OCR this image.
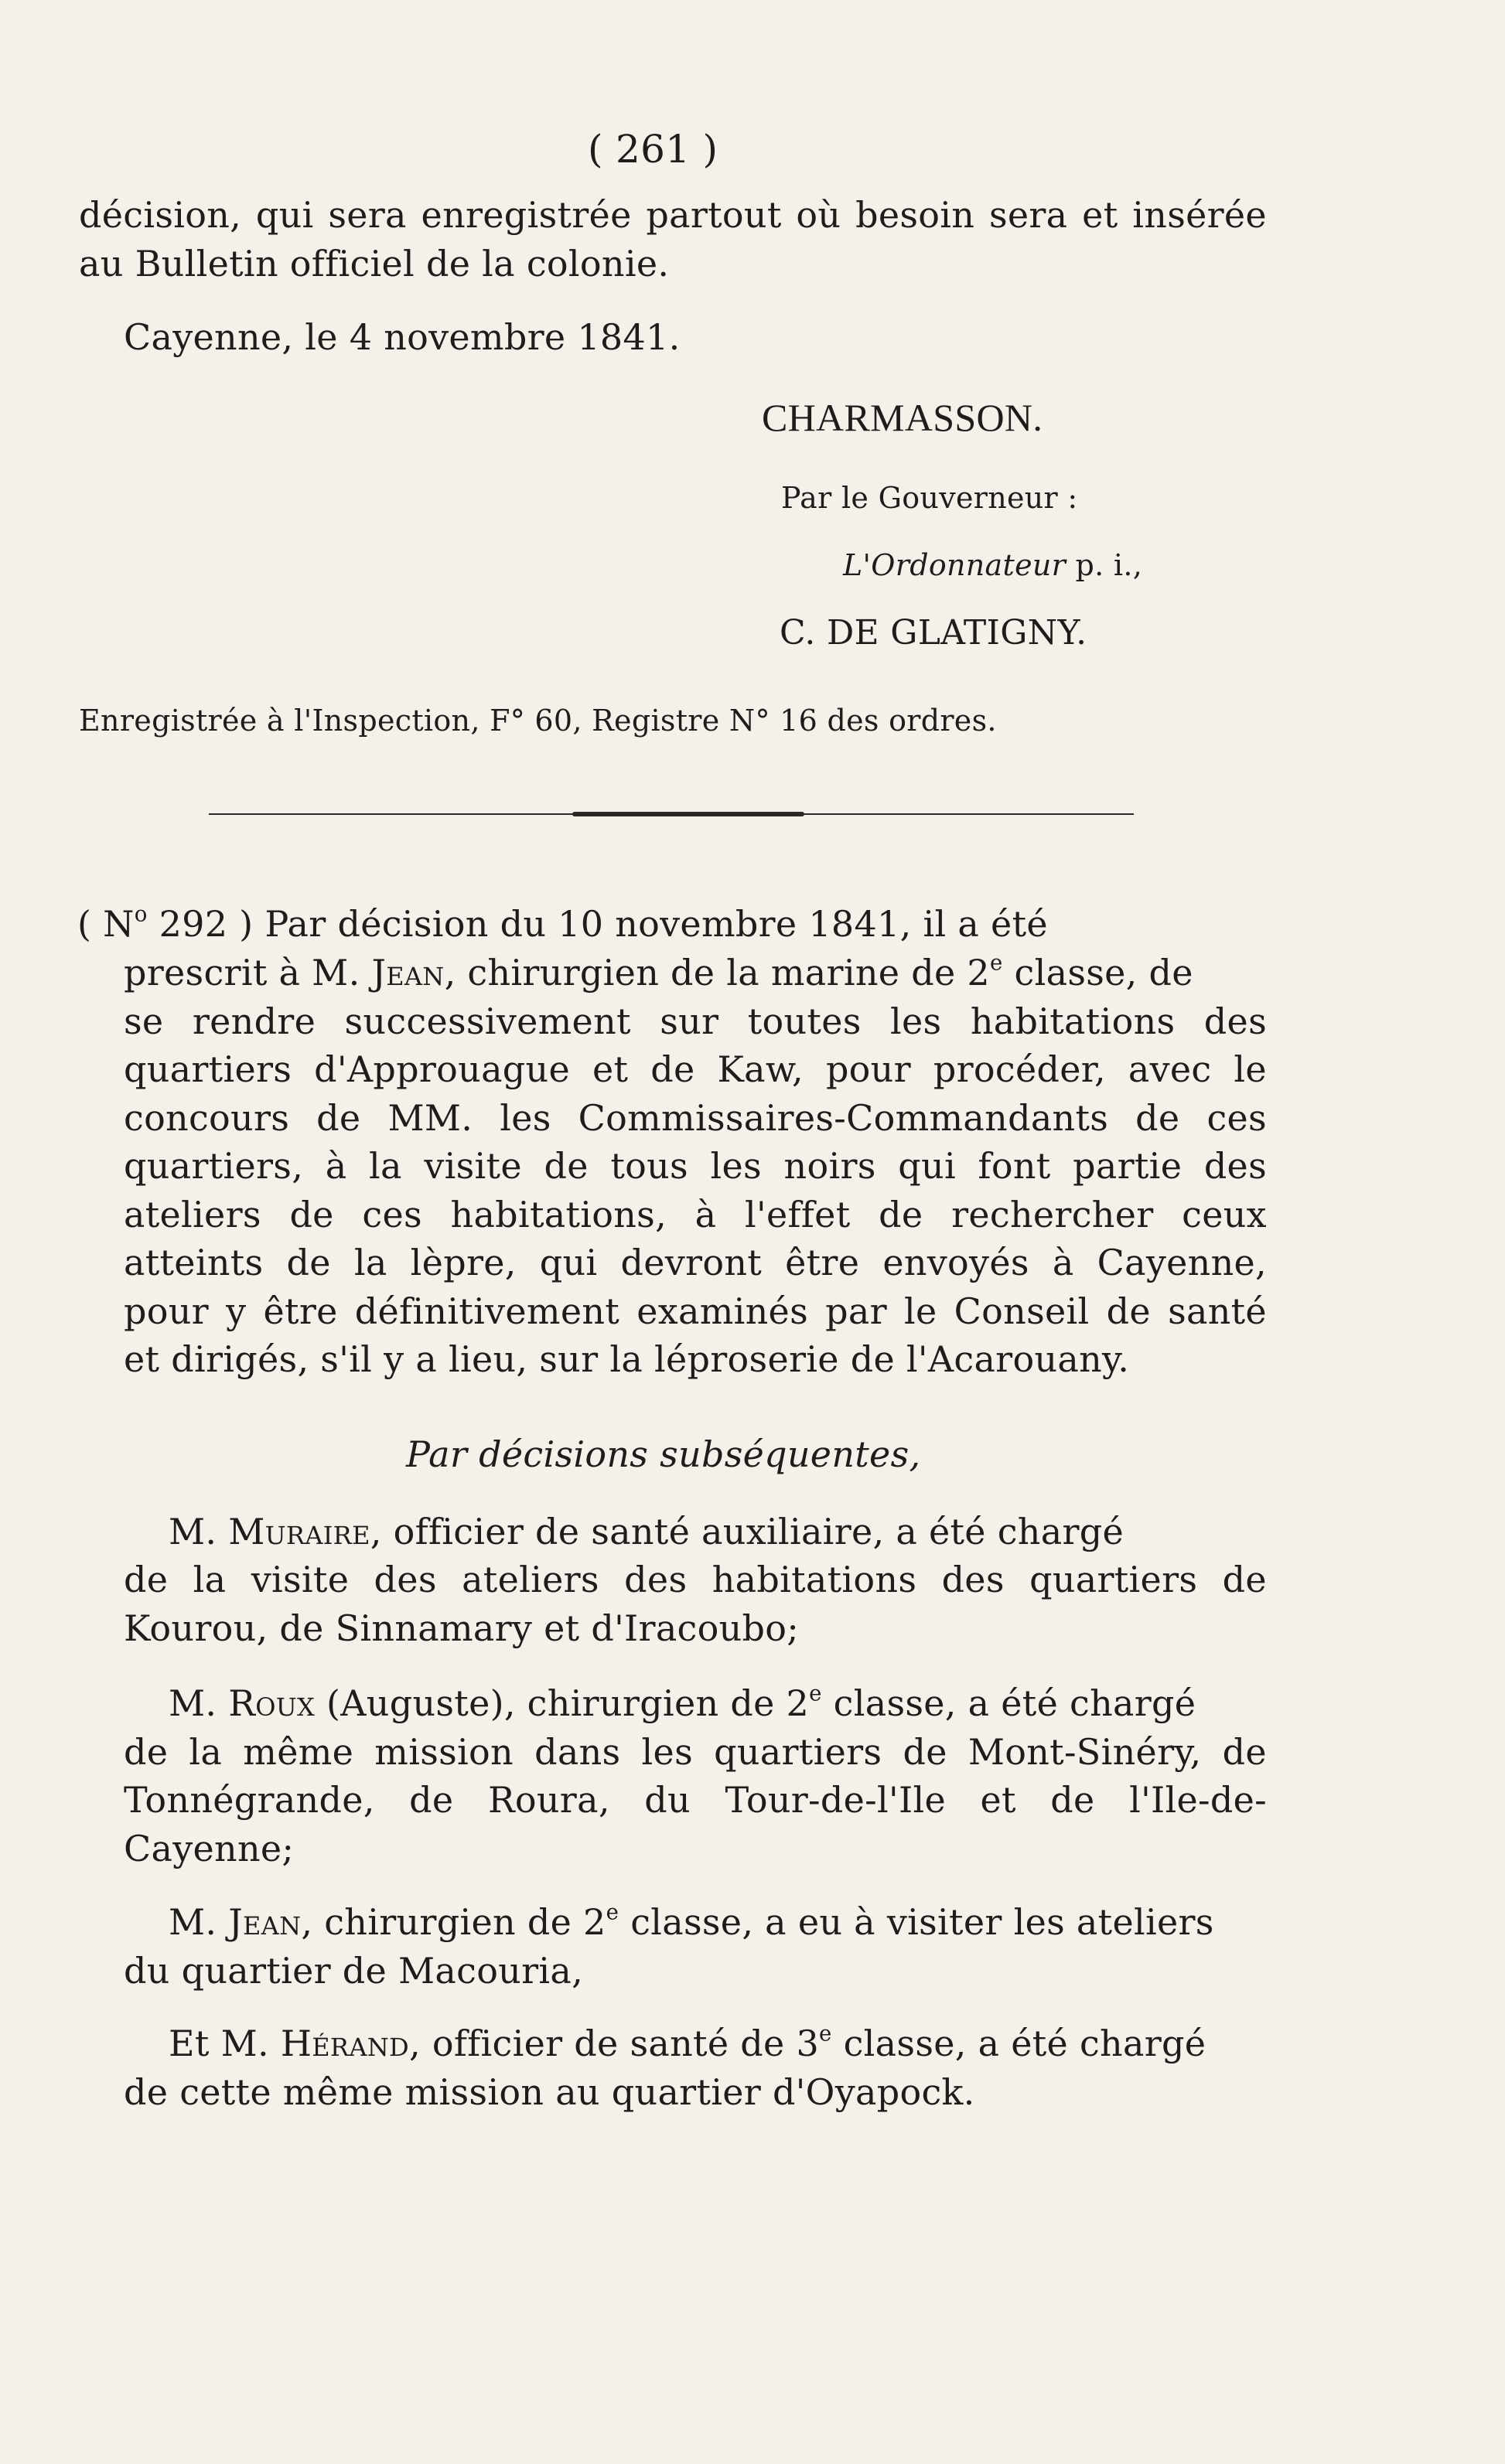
( 261 )
décision, qui sera enregistrée partout où besoin sera et insérée
au Bulletin officiel de la colonie.
Cayenne, le 4 novembre 1841.
CHARMASSON.
Par le Gouverneur :
L'Ordonnateur p. i.,
C. DE GLATIGNY.
Enregistrée à l'Inspection, F° 60, Registre N° 16 des ordres.
( $N^o$ 292 ) Par décision du 10 novembre 1841, il a été
prescrit à M. Jean, chirurgien de la marine de 2e classe, de
se rendre successivement sur toutes les habitations des
quartiers d'Approuague et de Kaw, pour procéder, avec le
concours de MM. les Commissaires-Commandants de ces
quartiers, à la visite de tous les noirs qui font partie des
ateliers de ces habitations, à l'effet de rechercher ceux
atteints de la lèpre, qui devront être envoyés à Cayenne,
pour y être définitivement examinés par le Conseil de santé
et dirigés, s'il y a lieu, sur la léproserie de l'Acarouany.
Par décisions subséquentes,
M. Muraire, officier de santé auxiliaire, a été chargé
de la visite des ateliers des habitations des quartiers de
Kourou, de Sinnamary et d'Iracoubo;
M. Roux (Auguste), chirurgien de 2e classe, a été chargé
de la même mission dans les quartiers de Mont-Sinéry, de
Tonnégrande, de Roura, du Tour-de-l'Ile et de l'Ile-de-
Cayenne;
M. Jean, chirurgien de 2e classe, a eu à visiter les ateliers
du quartier de Macouria,
Et M. Hérand, officier de santé de 3e classe, a été chargé
de cette même mission au quartier d'Oyapock.
